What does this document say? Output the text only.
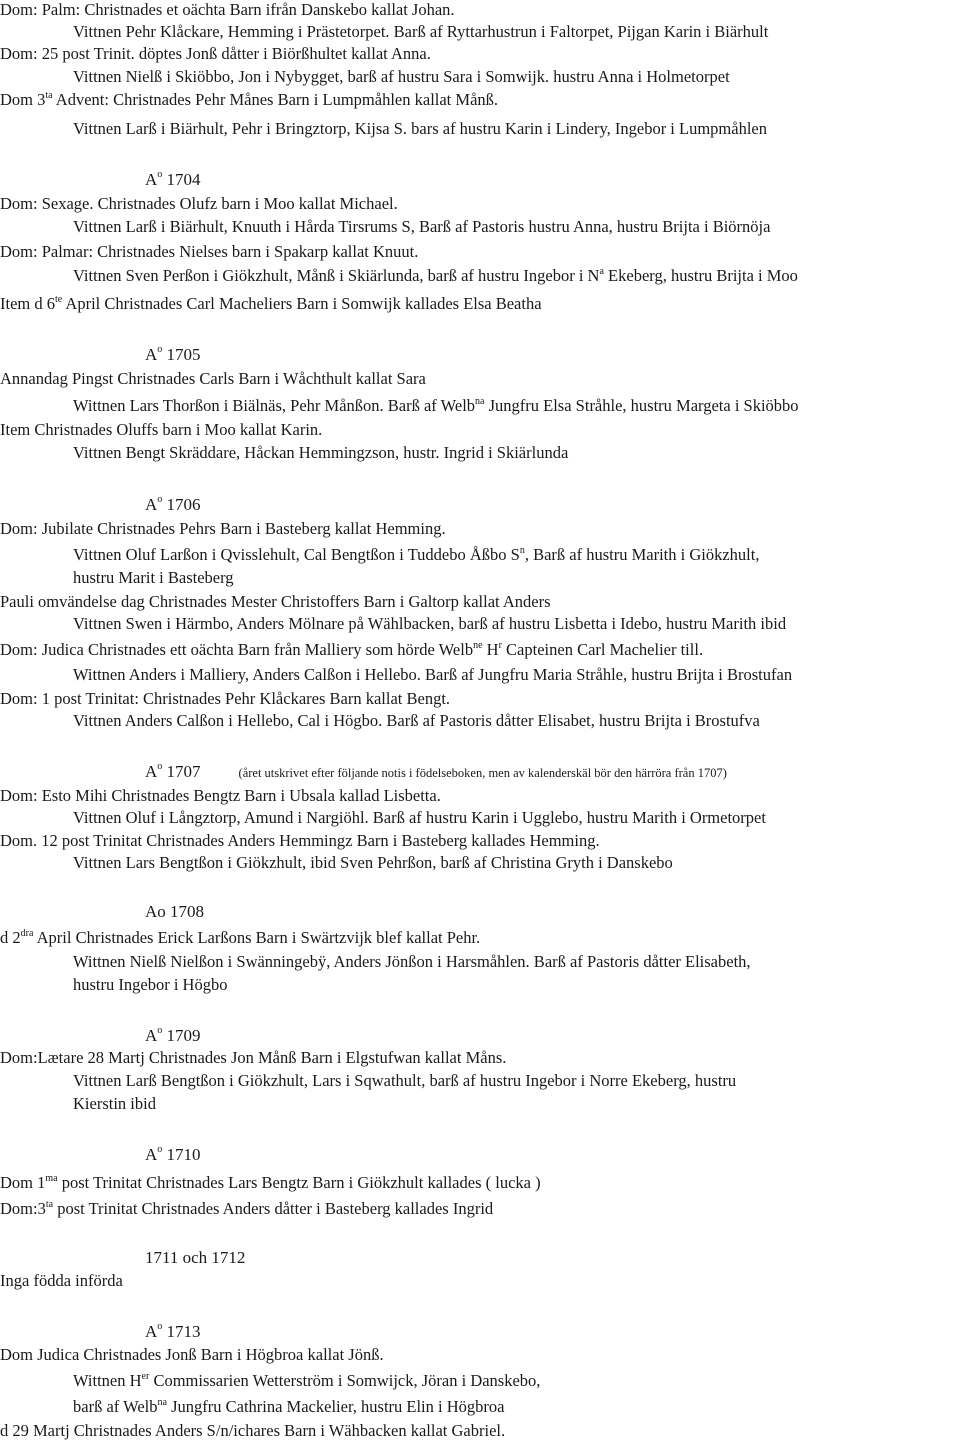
Dom: Palm: Christnades et oächta Barn ifrån Danskebo kallat Johan.
Vittnen Pehr Klåckare, Hemming i Prästetorpet. Barß af Ryttarhustrun i Faltorpet, Pijgan Karin i Biärhult
Dom: 25 post Trinit. döptes Jonß dåtter i Biörßhultet kallat Anna.
Vittnen Nielß i Skiöbbo, Jon i Nybygget, barß af hustru Sara i Somwijk. hustru Anna i Holmetorpet
Dom $3^{ta}$ Advent: Christnades Pehr Månes Barn i Lumpmåhlen kallat Månß.
Vittnen Larß i Biärhult, Pehr i Bringztorp, Kijsa S. bars af hustru Karin i Lindery, Ingebor i Lumpmåhlen
$A^o$ 1704
Dom: Sexage. Christnades Olufz barn i Moo kallat Michael.
Vittnen Larß i Biärhult, Knuuth i Hårda Tirsrums S, Barß af Pastoris hustru Anna, hustru Brijta i Biörnöja
Dom: Palmar: Christnades Nielses barn i Spakarp kallat Knuut.
Vittnen Sven Perßon i Giökzhult, Månß i Skiärlunda, barß af hustru Ingebor i $N^a$ Ekeberg, hustru Brijta i Moo
Item d $6^{te}$ April Christnades Carl Macheliers Barn i Somwijk kallades Elsa Beatha
$A^o$ 1705
Annandag Pingst Christnades Carls Barn i Wåchthult kallat Sara
Wittnen Lars Thorßon i Biälnäs, Pehr Månßon. Barß af Welb$^{na}$ Jungfru Elsa Stråhle, hustru Margeta i Skiöbbo
Item Christnades Oluffs barn i Moo kallat Karin.
Vittnen Bengt Skräddare, Håckan Hemmingzson, hustr. Ingrid i Skiärlunda
$A^o$ 1706
Dom: Jubilate Christnades Pehrs Barn i Basteberg kallat Hemming.
Vittnen Oluf Larßon i Qvisslehult, Cal Bengtßon i Tuddebo Åßbo $S^n$, Barß af hustru Marith i Giökzhult,
hustru Marit i Basteberg
Pauli omvändelse dag Christnades Mester Christoffers Barn i Galtorp kallat Anders
Vittnen Swen i Härmbo, Anders Mölnare på Wählbacken, barß af hustru Lisbetta i Idebo, hustru Marith ibid
Dom: Judica Christnades ett oächta Barn från Malliery som hörde Welb$^{ne}$ $H^r$ Capteinen Carl Machelier till.
Wittnen Anders i Malliery, Anders Calßon i Hellebo. Barß af Jungfru Maria Stråhle, hustru Brijta i Brostufan
Dom: 1 post Trinitat: Christnades Pehr Klåckares Barn kallat Bengt.
Vittnen Anders Calßon i Hellebo, Cal i Högbo. Barß af Pastoris dåtter Elisabet, hustru Brijta i Brostufva
$A^o$ 1707	(året utskrivet efter följande notis i födelseboken, men av kalenderskäl bör den härröra från 1707)
Dom: Esto Mihi Christnades Bengtz Barn i Ubsala kallad Lisbetta.
Vittnen Oluf i Långztorp, Amund i Nargiöhl. Barß af hustru Karin i Ugglebo, hustru Marith i Ormetorpet
Dom. 12 post Trinitat Christnades Anders Hemmingz Barn i Basteberg kallades Hemming.
Vittnen Lars Bengtßon i Giökzhult, ibid Sven Pehrßon, barß af Christina Gryth i Danskebo
Ao 1708
d $2^{dra}$ April Christnades Erick Larßons Barn i Swärtzvijk blef kallat Pehr.
Wittnen Nielß Nielßon i Swänningebÿ, Anders Jönßon i Harsmåhlen. Barß af Pastoris dåtter Elisabeth,
hustru Ingebor i Högbo
$A^o$ 1709
Dom:Lætare 28 Martj Christnades Jon Månß Barn i Elgstufwan kallat Måns.
Vittnen Larß Bengtßon i Giökzhult, Lars i Sqwathult, barß af hustru Ingebor i Norre Ekeberg, hustru
Kierstin ibid
$A^o$ 1710
Dom $1^{ma}$ post Trinitat Christnades Lars Bengtz Barn i Giökzhult kallades ( lucka )
$Dom:3^{ta}$ post Trinitat Christnades Anders dåtter i Basteberg kallades Ingrid
1711 och 1712
Inga födda införda
$A^o$ 1713
Dom Judica Christnades Jonß Barn i Högbroa kallat Jönß.
Wittnen $H^{er}$ Commissarien Wetterström i Somwijck, Jöran i Danskebo,
barß af Welb$^{na}$ Jungfru Cathrina Mackelier, hustru Elin i Högbroa
d 29 Martj Christnades Anders S/n/ichares Barn i Wähbacken kallat Gabriel.
